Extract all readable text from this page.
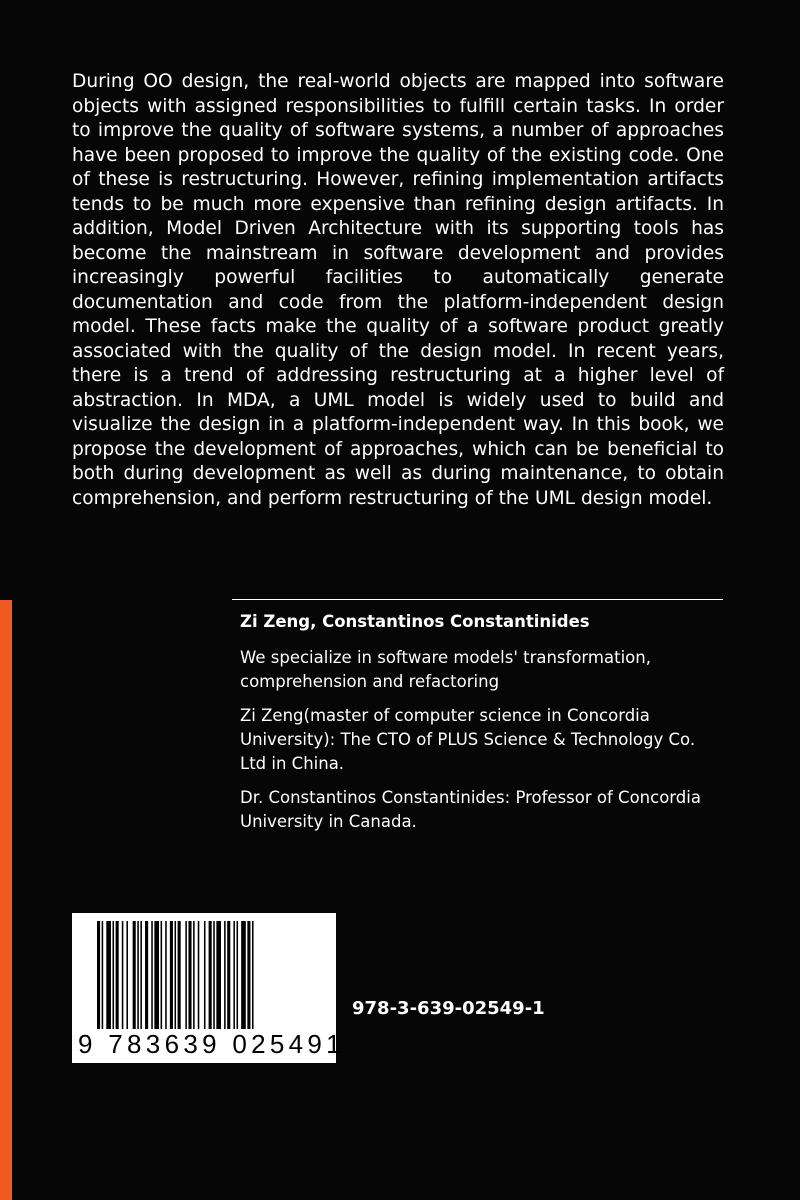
During OO design, the real-world objects are mapped into software objects with assigned responsibilities to fulfill certain tasks. In order to improve the quality of software systems, a number of approaches have been proposed to improve the quality of the existing code. One of these is restructuring. However, refining implementation artifacts tends to be much more expensive than refining design artifacts. In addition, Model Driven Architecture with its supporting tools has become the mainstream in software development and provides increasingly powerful facilities to automatically generate documentation and code from the platform-independent design model. These facts make the quality of a software product greatly associated with the quality of the design model. In recent years, there is a trend of addressing restructuring at a higher level of abstraction. In MDA, a UML model is widely used to build and visualize the design in a platform-independent way. In this book, we propose the development of approaches, which can be beneficial to both during development as well as during maintenance, to obtain comprehension, and perform restructuring of the UML design model.

Zi Zeng, Constantinos Constantinides

We specialize in software models' transformation, comprehension and refactoring

Zi Zeng(master of computer science in Concordia University): The CTO of PLUS Science & Technology Co. Ltd in China.

Dr. Constantinos Constantinides: Professor of Concordia University in Canada.

9 783639 025491

978-3-639-02549-1
